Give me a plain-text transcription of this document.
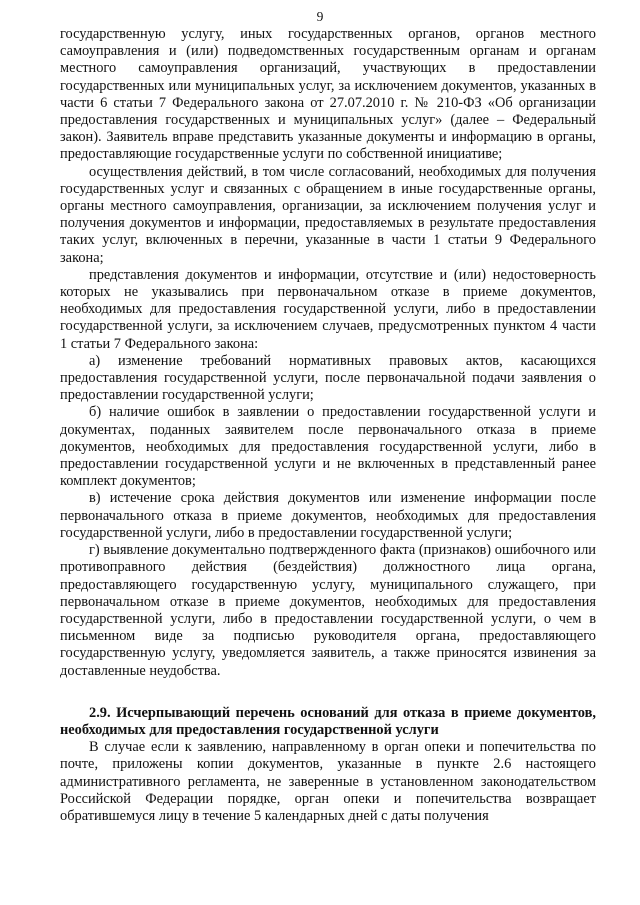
9

государственную услугу, иных государственных органов, органов местного самоуправления и (или) подведомственных государственным органам и органам местного самоуправления организаций, участвующих в предоставлении государственных или муниципальных услуг, за исключением документов, указанных в части 6 статьи 7 Федерального закона от 27.07.2010 г. № 210-ФЗ «Об организации предоставления государственных и муниципальных услуг» (далее – Федеральный закон). Заявитель вправе представить указанные документы и информацию в органы, предоставляющие государственные услуги по собственной инициативе;

осуществления действий, в том числе согласований, необходимых для получения государственных услуг и связанных с обращением в иные государственные органы, органы местного самоуправления, организации, за исключением получения услуг и получения документов и информации, предоставляемых в результате предоставления таких услуг, включенных в перечни, указанные в части 1 статьи 9 Федерального закона;

представления документов и информации, отсутствие и (или) недостоверность которых не указывались при первоначальном отказе в приеме документов, необходимых для предоставления государственной услуги, либо в предоставлении государственной услуги, за исключением случаев, предусмотренных пунктом 4 части 1 статьи 7 Федерального закона:

а) изменение требований нормативных правовых актов, касающихся предоставления государственной услуги, после первоначальной подачи заявления о предоставлении государственной услуги;

б) наличие ошибок в заявлении о предоставлении государственной услуги и документах, поданных заявителем после первоначального отказа в приеме документов, необходимых для предоставления государственной услуги, либо в предоставлении государственной услуги и не включенных в представленный ранее комплект документов;

в) истечение срока действия документов или изменение информации после первоначального отказа в приеме документов, необходимых для предоставления государственной услуги, либо в предоставлении государственной услуги;

г) выявление документально подтвержденного факта (признаков) ошибочного или противоправного действия (бездействия) должностного лица органа, предоставляющего государственную услугу, муниципального служащего, при первоначальном отказе в приеме документов, необходимых для предоставления государственной услуги, либо в предоставлении государственной услуги, о чем в письменном виде за подписью руководителя органа, предоставляющего государственную услугу, уведомляется заявитель, а также приносятся извинения за доставленные неудобства.

2.9. Исчерпывающий перечень оснований для отказа в приеме документов, необходимых для предоставления государственной услуги

В случае если к заявлению, направленному в орган опеки и попечительства по почте, приложены копии документов, указанные в пункте 2.6 настоящего административного регламента, не заверенные в установленном законодательством Российской Федерации порядке, орган опеки и попечительства возвращает обратившемуся лицу в течение 5 календарных дней с даты получения
